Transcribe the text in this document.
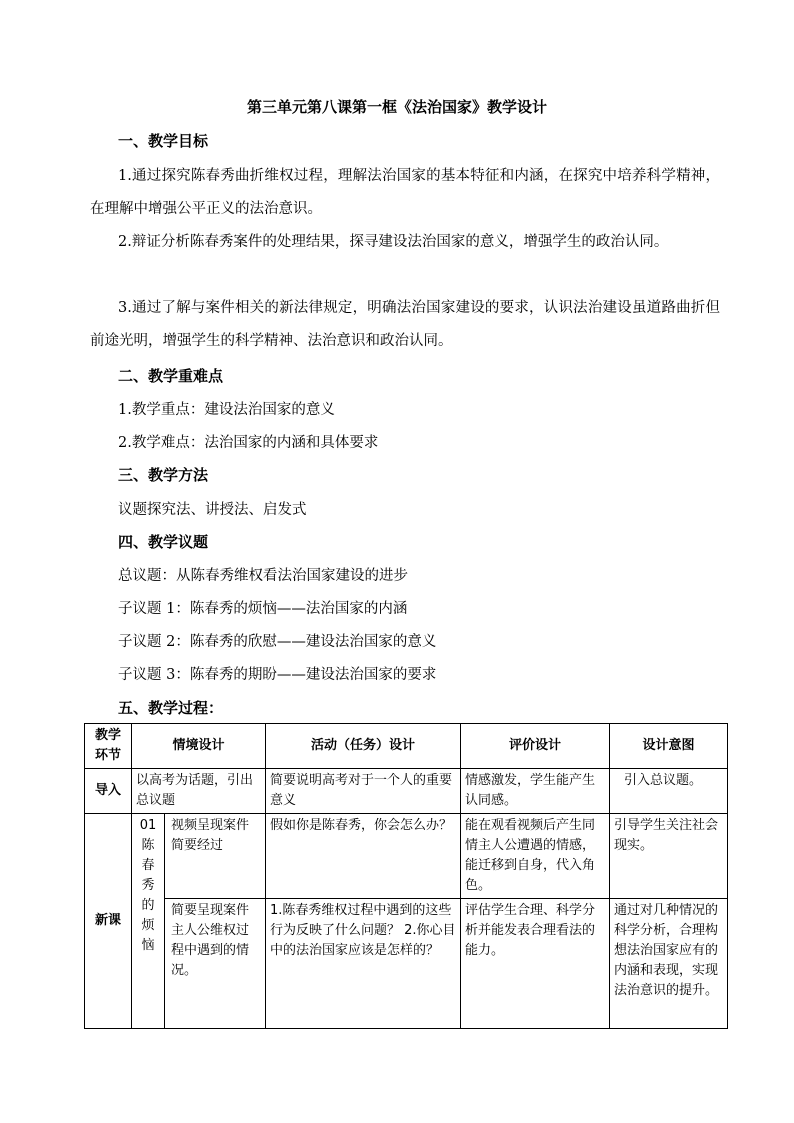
第三单元第八课第一框《法治国家》教学设计
一、教学目标
1.通过探究陈春秀曲折维权过程，理解法治国家的基本特征和内涵，在探究中培养科学精神，在理解中增强公平正义的法治意识。
2.辩证分析陈春秀案件的处理结果，探寻建设法治国家的意义，增强学生的政治认同。
3.通过了解与案件相关的新法律规定，明确法治国家建设的要求，认识法治建设虽道路曲折但前途光明，增强学生的科学精神、法治意识和政治认同。
二、教学重难点
1.教学重点：建设法治国家的意义
2.教学难点：法治国家的内涵和具体要求
三、教学方法
议题探究法、讲授法、启发式
四、教学议题
总议题：从陈春秀维权看法治国家建设的进步
子议题 1：陈春秀的烦恼——法治国家的内涵
子议题 2：陈春秀的欣慰——建设法治国家的意义
子议题 3：陈春秀的期盼——建设法治国家的要求
五、教学过程：
教学环节	情境设计		活动（任务）设计	评价设计	设计意图
导入	以高考为话题，引出总议题		简要说明高考对于一个人的重要意义	情感激发，学生能产生认同感。	引入总议题。
新课	01 陈 春 秀 的 烦 恼	视频呈现案件简要经过	假如你是陈春秀，你会怎么办？	能在观看视频后产生同情主人公遭遇的情感，能迁移到自身，代入角色。	引导学生关注社会现实。
		简要呈现案件主人公维权过程中遇到的情况。	1.陈春秀维权过程中遇到的这些行为反映了什么问题？ 2.你心目中的法治国家应该是怎样的？	评估学生合理、科学分析并能发表合理看法的能力。	通过对几种情况的科学分析，合理构想法治国家应有的内涵和表现，实现法治意识的提升。
